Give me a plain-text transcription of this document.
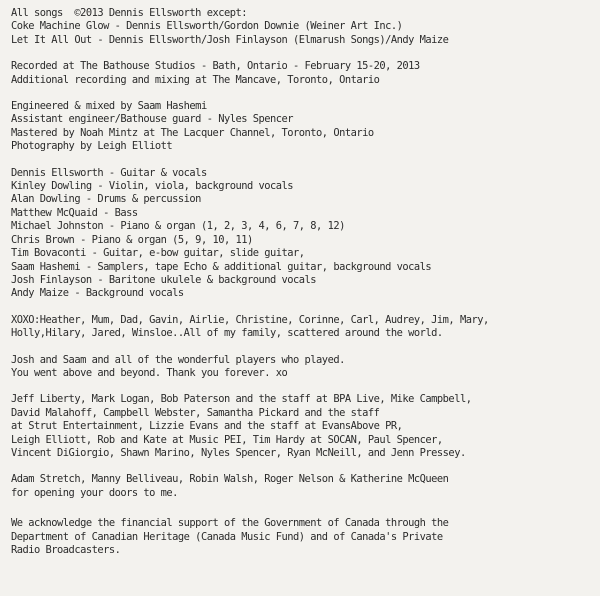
All songs  ©2013 Dennis Ellsworth except:
Coke Machine Glow - Dennis Ellsworth/Gordon Downie (Weiner Art Inc.)
Let It All Out - Dennis Ellsworth/Josh Finlayson (Elmarush Songs)/Andy Maize
Recorded at The Bathouse Studios - Bath, Ontario - February 15-20, 2013
Additional recording and mixing at The Mancave, Toronto, Ontario
Engineered & mixed by Saam Hashemi
Assistant engineer/Bathouse guard - Nyles Spencer
Mastered by Noah Mintz at The Lacquer Channel, Toronto, Ontario
Photography by Leigh Elliott
Dennis Ellsworth - Guitar & vocals
Kinley Dowling - Violin, viola, background vocals
Alan Dowling - Drums & percussion
Matthew McQuaid - Bass
Michael Johnston - Piano & organ (1, 2, 3, 4, 6, 7, 8, 12)
Chris Brown - Piano & organ (5, 9, 10, 11)
Tim Bovaconti - Guitar, e-bow guitar, slide guitar,
Saam Hashemi - Samplers, tape Echo & additional guitar, background vocals
Josh Finlayson - Baritone ukulele & background vocals
Andy Maize - Background vocals
XOXO:Heather, Mum, Dad, Gavin, Airlie, Christine, Corinne, Carl, Audrey, Jim, Mary,
Holly,Hilary, Jared, Winsloe..All of my family, scattered around the world.
Josh and Saam and all of the wonderful players who played.
You went above and beyond. Thank you forever. xo
Jeff Liberty, Mark Logan, Bob Paterson and the staff at BPA Live, Mike Campbell,
David Malahoff, Campbell Webster, Samantha Pickard and the staff
at Strut Entertainment, Lizzie Evans and the staff at EvansAbove PR,
Leigh Elliott, Rob and Kate at Music PEI, Tim Hardy at SOCAN, Paul Spencer,
Vincent DiGiorgio, Shawn Marino, Nyles Spencer, Ryan McNeill, and Jenn Pressey.
Adam Stretch, Manny Belliveau, Robin Walsh, Roger Nelson & Katherine McQueen
for opening your doors to me.
We acknowledge the financial support of the Government of Canada through the
Department of Canadian Heritage (Canada Music Fund) and of Canada's Private
Radio Broadcasters.
